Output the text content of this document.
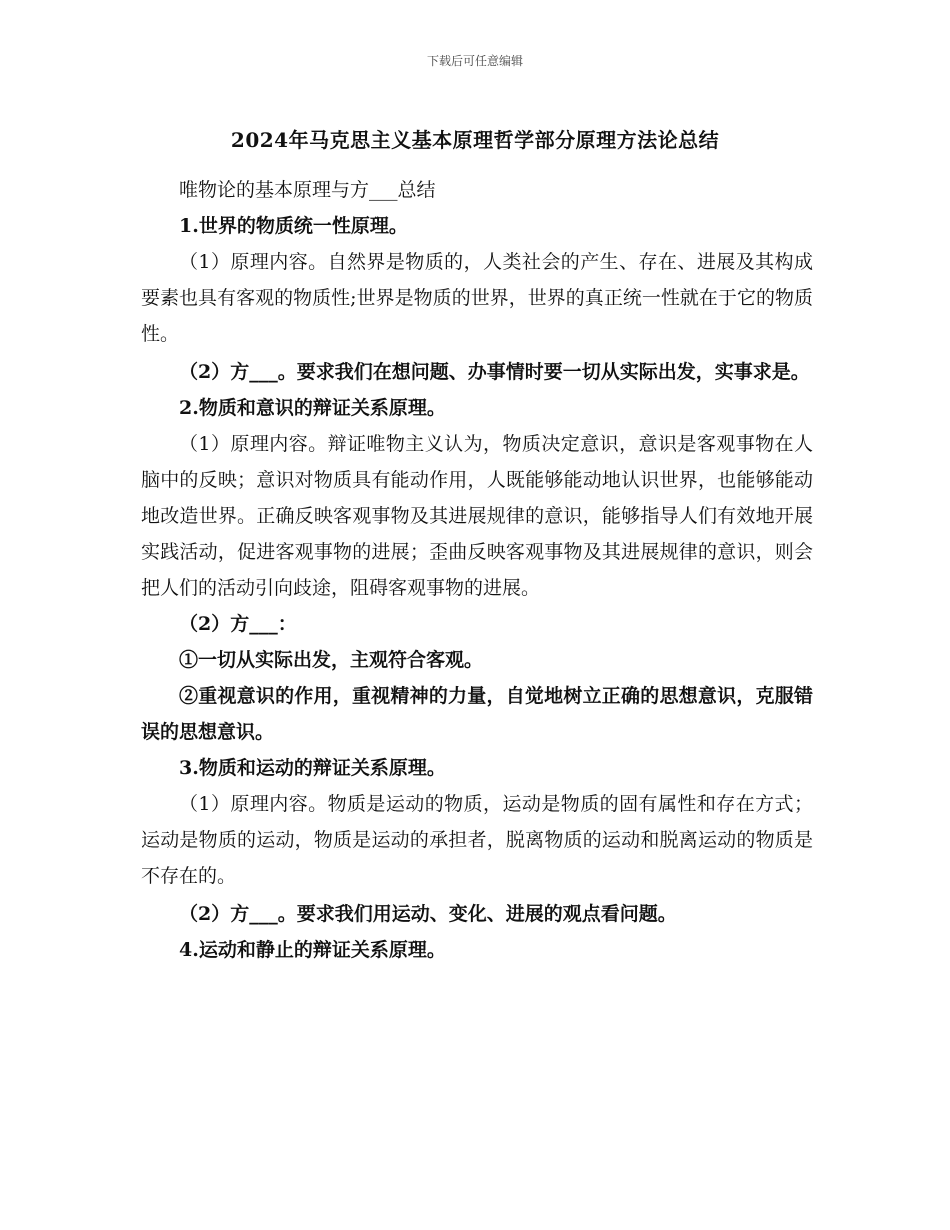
下载后可任意编辑
2024年马克思主义基本原理哲学部分原理方法论总结

唯物论的基本原理与方___总结

1.世界的物质统一性原理。

（1）原理内容。自然界是物质的，人类社会的产生、存在、进展及其构成要素也具有客观的物质性;世界是物质的世界，世界的真正统一性就在于它的物质性。

（2）方___。要求我们在想问题、办事情时要一切从实际出发，实事求是。

2.物质和意识的辩证关系原理。

（1）原理内容。辩证唯物主义认为，物质决定意识，意识是客观事物在人脑中的反映；意识对物质具有能动作用，人既能够能动地认识世界，也能够能动地改造世界。正确反映客观事物及其进展规律的意识，能够指导人们有效地开展实践活动，促进客观事物的进展；歪曲反映客观事物及其进展规律的意识，则会把人们的活动引向歧途，阻碍客观事物的进展。

（2）方___：

①一切从实际出发，主观符合客观。

②重视意识的作用，重视精神的力量，自觉地树立正确的思想意识，克服错误的思想意识。

3.物质和运动的辩证关系原理。

（1）原理内容。物质是运动的物质，运动是物质的固有属性和存在方式；运动是物质的运动，物质是运动的承担者，脱离物质的运动和脱离运动的物质是不存在的。

（2）方___。要求我们用运动、变化、进展的观点看问题。

4.运动和静止的辩证关系原理。
